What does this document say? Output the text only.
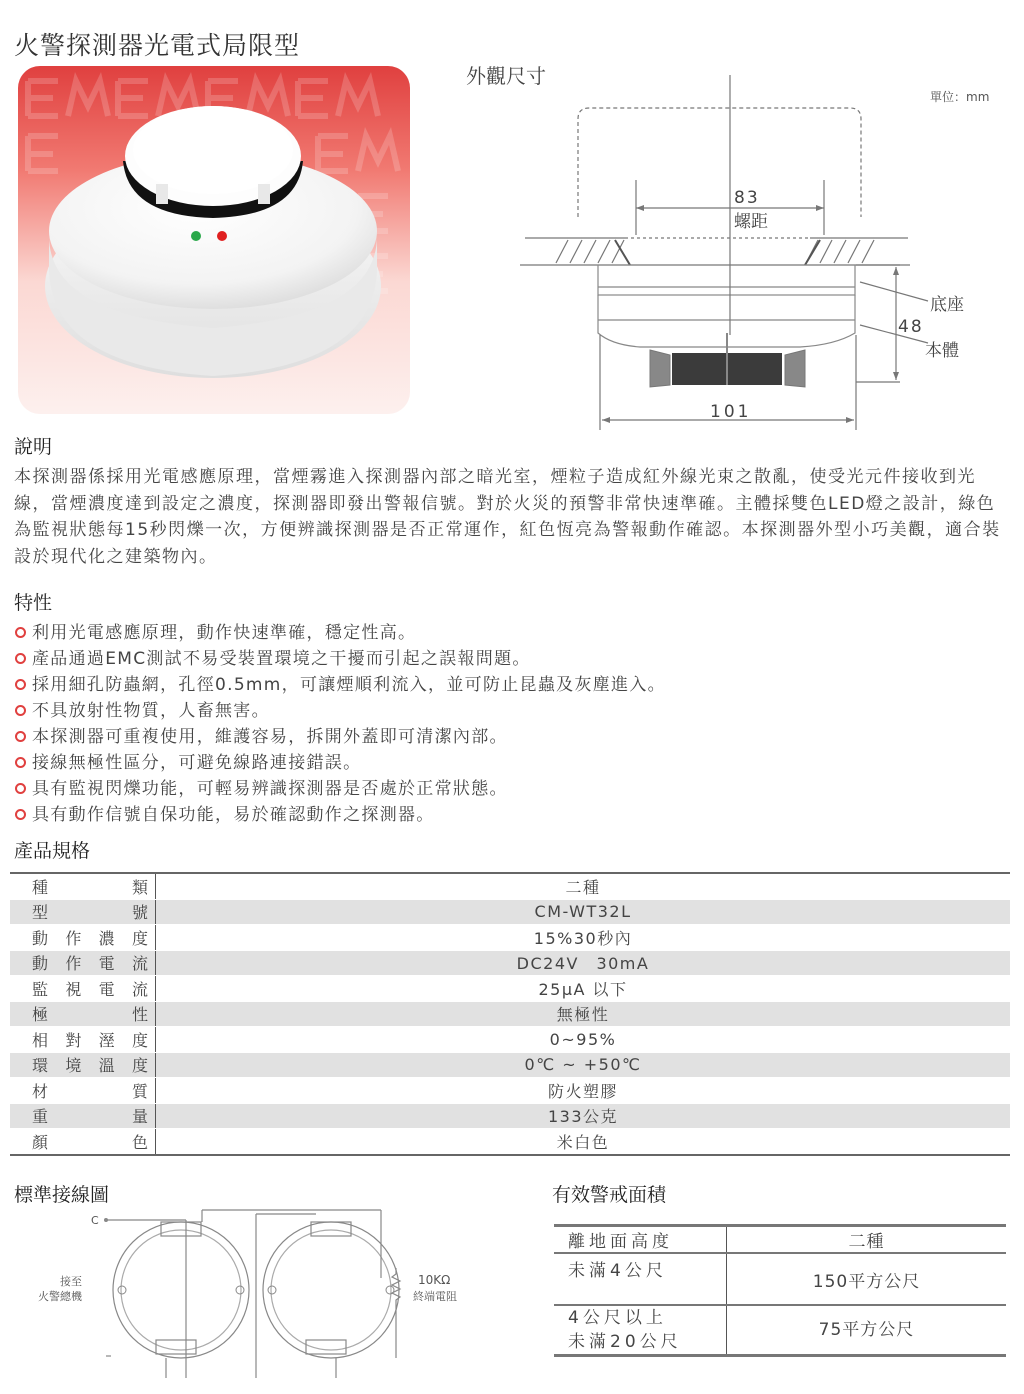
火警探測器光電式局限型
外觀尺寸
單位：mm
83
螺距
48
底座
本體
101
說明
本探測器係採用光電感應原理，當煙霧進入探測器內部之暗光室，煙粒子造成紅外線光束之散亂，使受光元件接收到光線，當煙濃度達到設定之濃度，探測器即發出警報信號。對於火災的預警非常快速準確。主體採雙色LED燈之設計，綠色為監視狀態每15秒閃爍一次，方便辨識探測器是否正常運作，紅色恆亮為警報動作確認。本探測器外型小巧美觀，適合裝設於現代化之建築物內。
特性
利用光電感應原理，動作快速準確，穩定性高。
產品通過EMC測試不易受裝置環境之干擾而引起之誤報問題。
採用細孔防蟲網，孔徑0.5mm，可讓煙順利流入，並可防止昆蟲及灰塵進入。
不具放射性物質，人畜無害。
本探測器可重複使用，維護容易，拆開外蓋即可清潔內部。
接線無極性區分，可避免線路連接錯誤。
具有監視閃爍功能，可輕易辨識探測器是否處於正常狀態。
具有動作信號自保功能，易於確認動作之探測器。
產品規格
種類	二種

型號	CM-WT32L

動作濃度	15%30秒內

動作電流	DC24V　30mA

監視電流	25μA 以下

極性	無極性

相對溼度	0~95%

環境溫度	0℃ ~ +50℃

材質	防火塑膠

重量	133公克

顏色	米白色
標準接線圖
C
接至
火警總機
10KΩ
終端電阻
有效警戒面積
離地面高度	二種
未滿4公尺	150平方公尺

4公尺以上
未滿20公尺	75平方公尺
